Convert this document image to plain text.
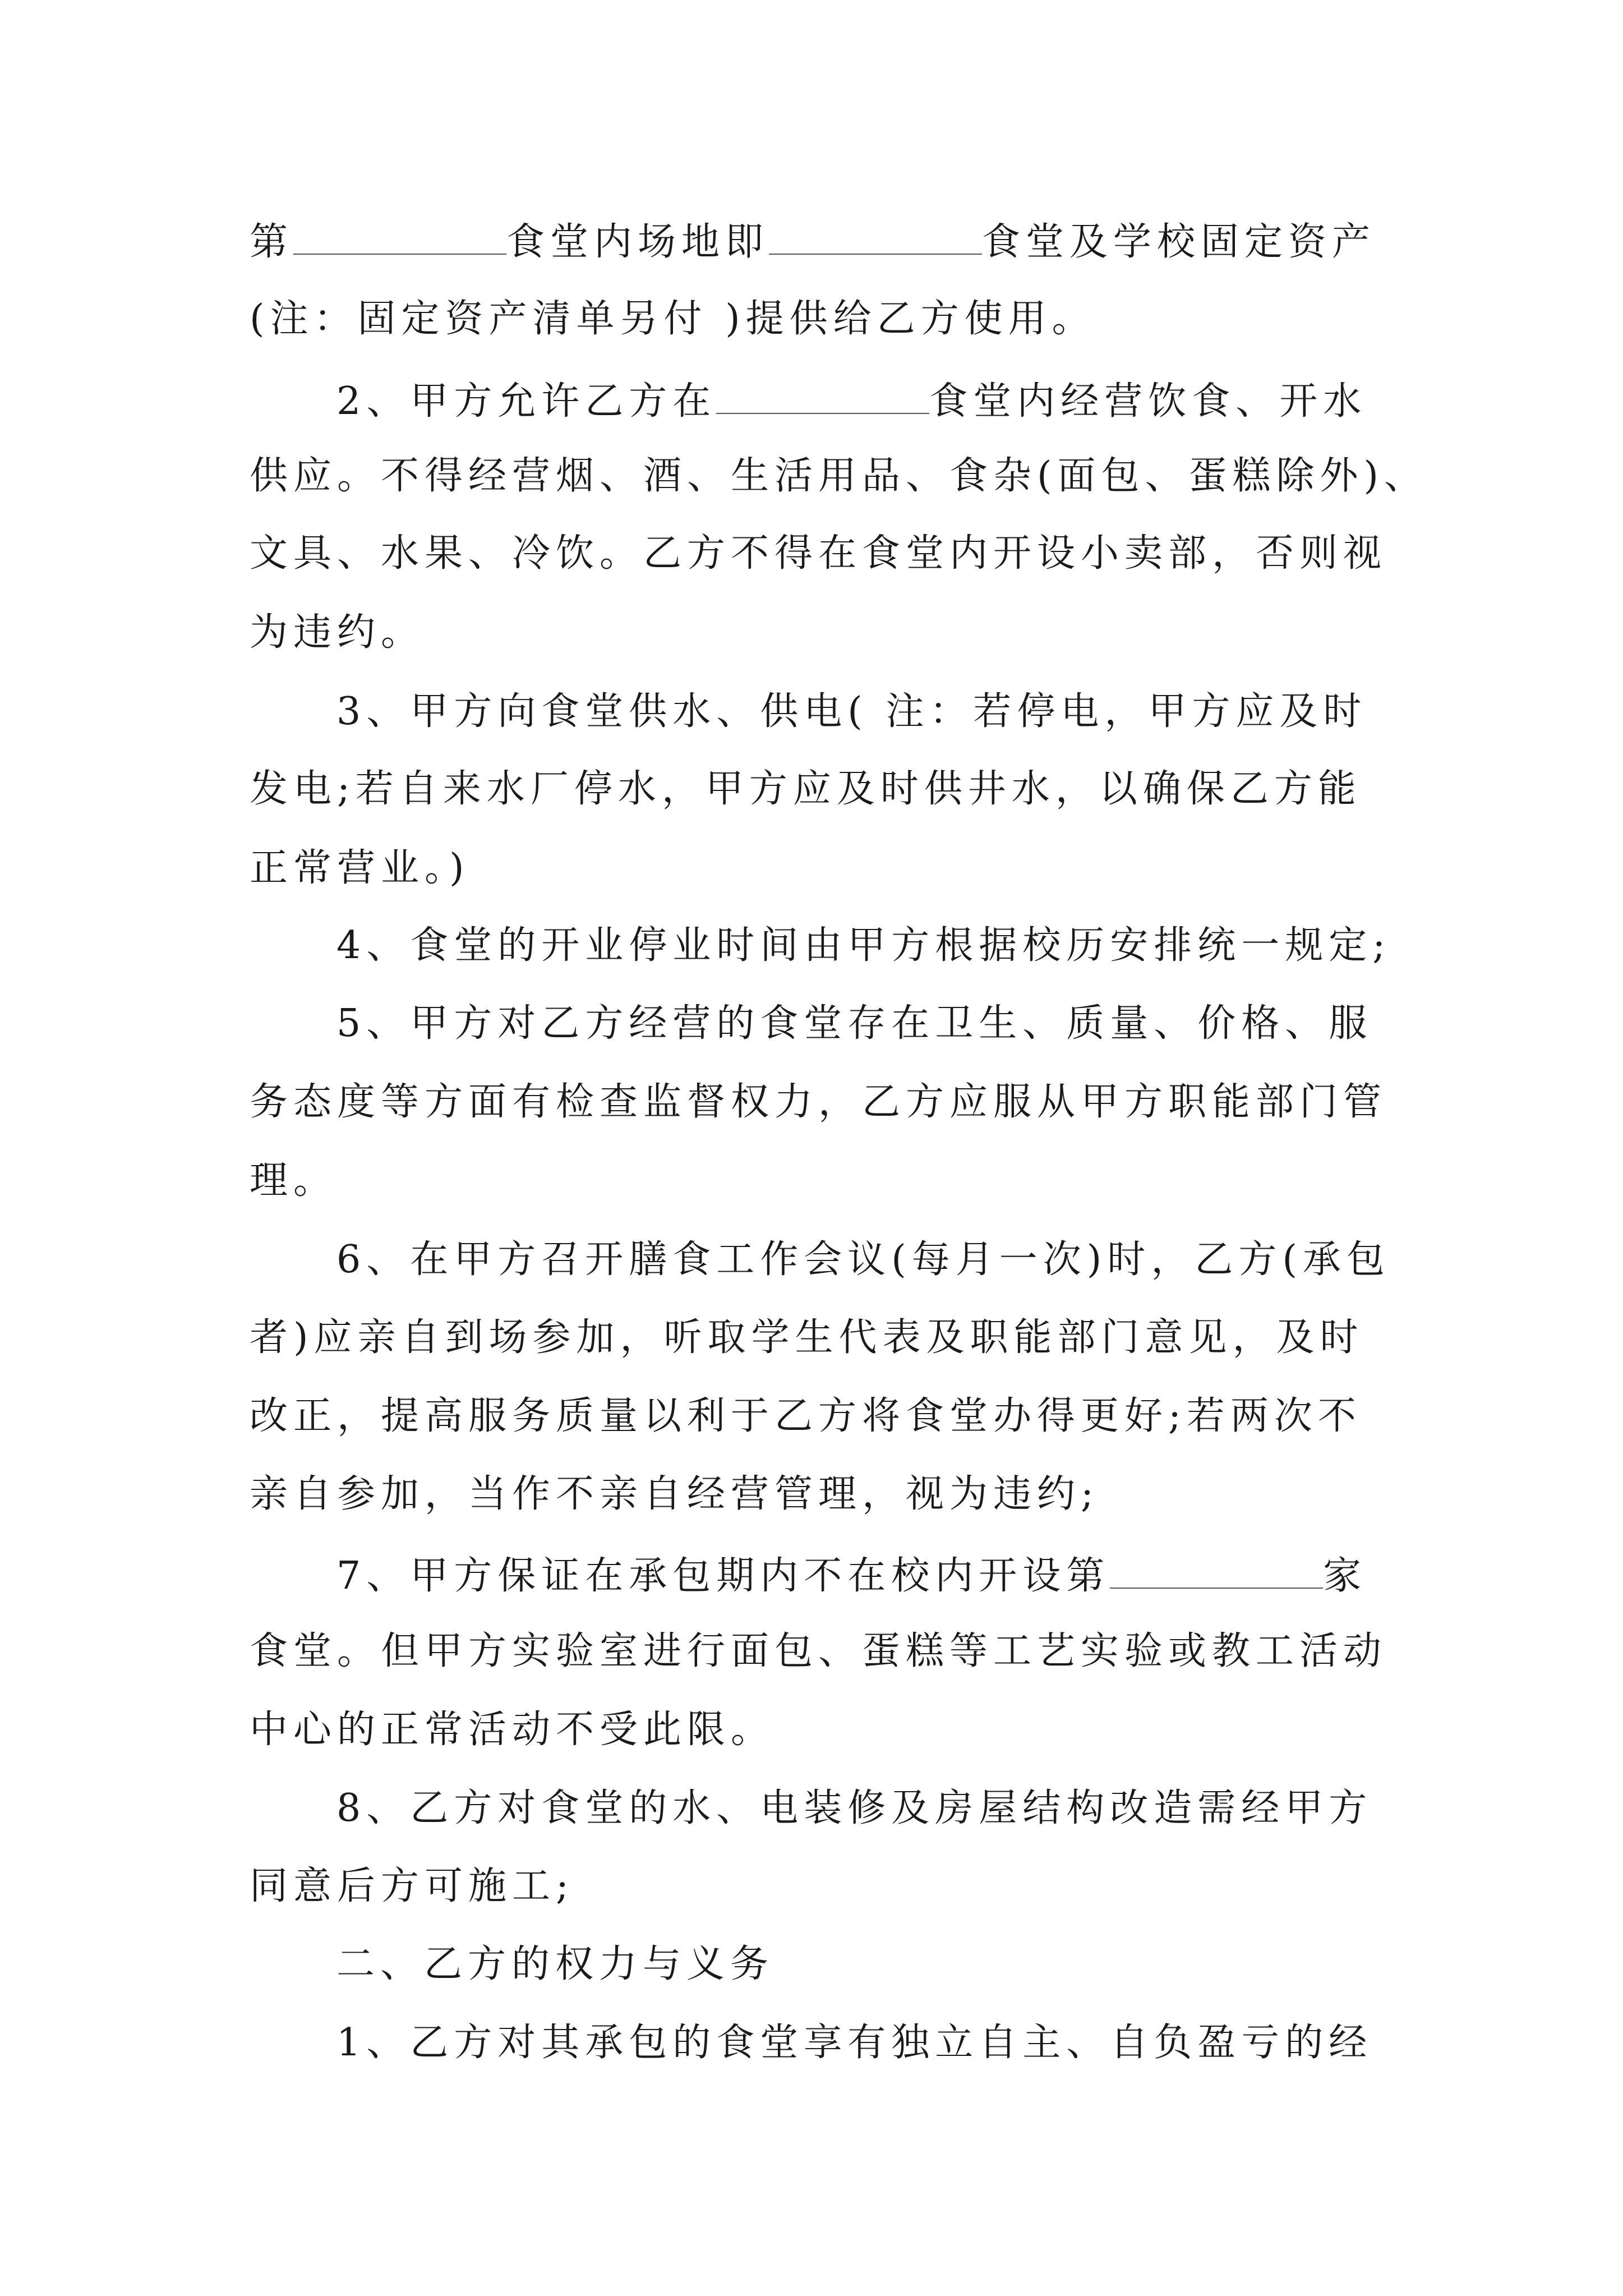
第	食堂内场地即	食堂及学校固定资产
(注：固定资产清单另付 )提供给乙方使用。
2、甲方允许乙方在	食堂内经营饮食、开水
供应。不得经营烟、酒、生活用品、食杂(面包、蛋糕除外)、
文具、水果、冷饮。乙方不得在食堂内开设小卖部，否则视
为违约。
3、甲方向食堂供水、供电( 注：若停电，甲方应及时
发电;若自来水厂停水，甲方应及时供井水，以确保乙方能
正常营业。)
4、食堂的开业停业时间由甲方根据校历安排统一规定;
5、甲方对乙方经营的食堂存在卫生、质量、价格、服
务态度等方面有检查监督权力，乙方应服从甲方职能部门管
理。
6、在甲方召开膳食工作会议(每月一次)时，乙方(承包
者)应亲自到场参加，听取学生代表及职能部门意见，及时
改正，提高服务质量以利于乙方将食堂办得更好;若两次不
亲自参加，当作不亲自经营管理，视为违约;
7、甲方保证在承包期内不在校内开设第	家
食堂。但甲方实验室进行面包、蛋糕等工艺实验或教工活动
中心的正常活动不受此限。
8、乙方对食堂的水、电装修及房屋结构改造需经甲方
同意后方可施工;
二、乙方的权力与义务
1、乙方对其承包的食堂享有独立自主、自负盈亏的经
